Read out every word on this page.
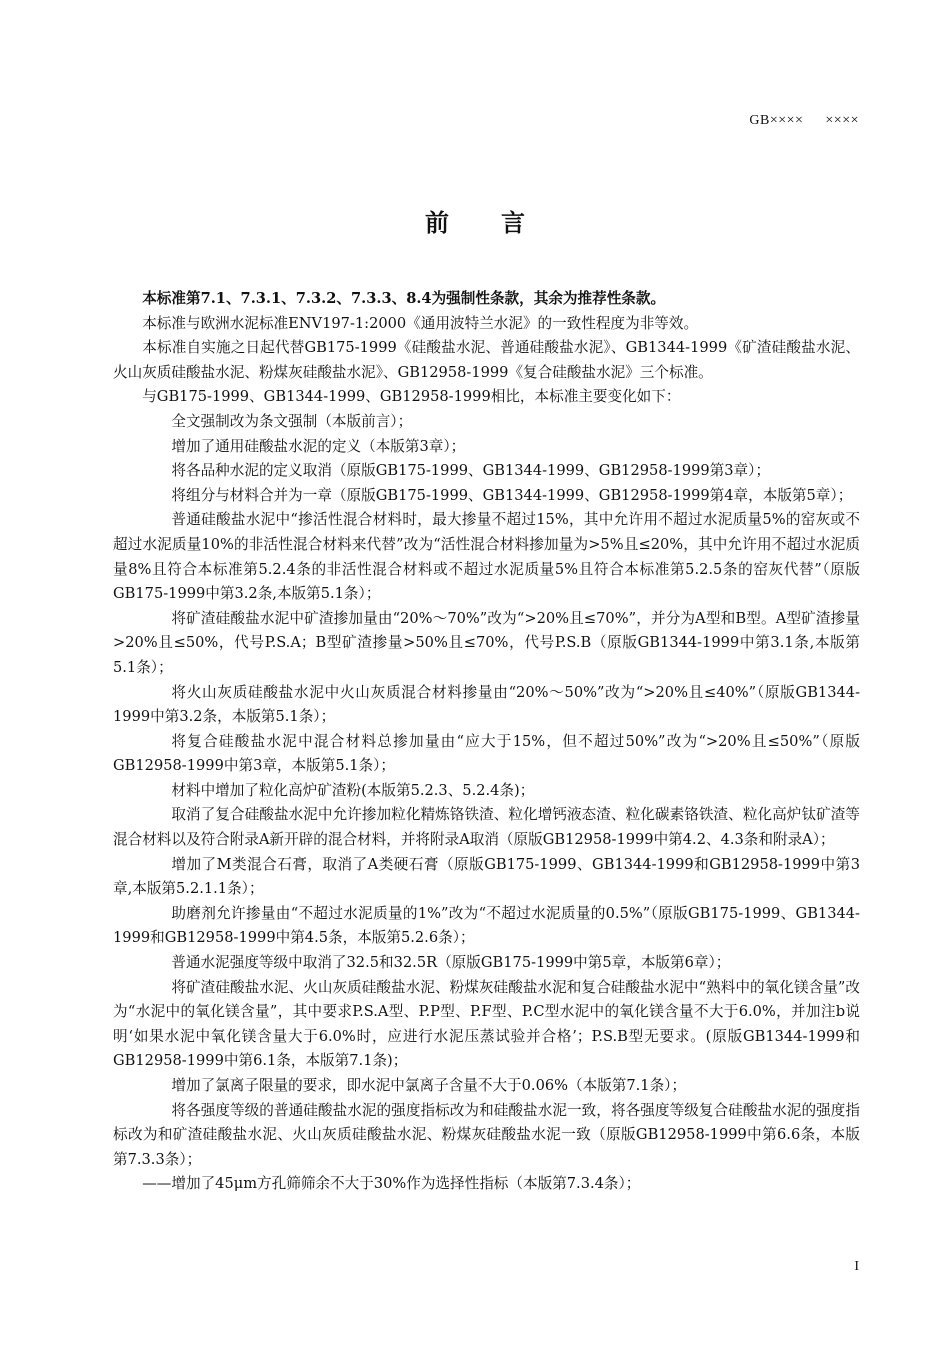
GB×××× ××××
前言

本标准第7.1、7.3.1、7.3.2、7.3.3、8.4为强制性条款，其余为推荐性条款。

本标准与欧洲水泥标准ENV197-1:2000《通用波特兰水泥》的一致性程度为非等效。

本标准自实施之日起代替GB175-1999《硅酸盐水泥、普通硅酸盐水泥》、GB1344-1999《矿渣硅酸盐水泥、火山灰质硅酸盐水泥、粉煤灰硅酸盐水泥》、GB12958-1999《复合硅酸盐水泥》三个标准。

与GB175-1999、GB1344-1999、GB12958-1999相比，本标准主要变化如下：

全文强制改为条文强制（本版前言）；

增加了通用硅酸盐水泥的定义（本版第3章）；

将各品种水泥的定义取消（原版GB175-1999、GB1344-1999、GB12958-1999第3章）；

将组分与材料合并为一章（原版GB175-1999、GB1344-1999、GB12958-1999第4章，本版第5章）；

普通硅酸盐水泥中“掺活性混合材料时，最大掺量不超过15%，其中允许用不超过水泥质量5%的窑灰或不超过水泥质量10%的非活性混合材料来代替”改为“活性混合材料掺加量为>5%且≤20%，其中允许用不超过水泥质量8%且符合本标准第5.2.4条的非活性混合材料或不超过水泥质量5%且符合本标准第5.2.5条的窑灰代替”（原版GB175-1999中第3.2条,本版第5.1条）；

将矿渣硅酸盐水泥中矿渣掺加量由“20%～70%”改为“>20%且≤70%”，并分为A型和B型。A型矿渣掺量>20%且≤50%，代号P.S.A；B型矿渣掺量>50%且≤70%，代号P.S.B（原版GB1344-1999中第3.1条,本版第5.1条）；

将火山灰质硅酸盐水泥中火山灰质混合材料掺量由“20%～50%”改为“>20%且≤40%”（原版GB1344-1999中第3.2条，本版第5.1条）；

将复合硅酸盐水泥中混合材料总掺加量由“应大于15%，但不超过50%”改为“>20%且≤50%”（原版GB12958-1999中第3章，本版第5.1条）；

材料中增加了粒化高炉矿渣粉(本版第5.2.3、5.2.4条)；

取消了复合硅酸盐水泥中允许掺加粒化精炼铬铁渣、粒化增钙液态渣、粒化碳素铬铁渣、粒化高炉钛矿渣等混合材料以及符合附录A新开辟的混合材料，并将附录A取消（原版GB12958-1999中第4.2、4.3条和附录A）；

增加了M类混合石膏，取消了A类硬石膏（原版GB175-1999、GB1344-1999和GB12958-1999中第3章,本版第5.2.1.1条）；

助磨剂允许掺量由“不超过水泥质量的1%”改为“不超过水泥质量的0.5%”（原版GB175-1999、GB1344-1999和GB12958-1999中第4.5条，本版第5.2.6条）；

普通水泥强度等级中取消了32.5和32.5R（原版GB175-1999中第5章，本版第6章）；

将矿渣硅酸盐水泥、火山灰质硅酸盐水泥、粉煤灰硅酸盐水泥和复合硅酸盐水泥中“熟料中的氧化镁含量”改为“水泥中的氧化镁含量”，其中要求P.S.A型、P.P型、P.F型、P.C型水泥中的氧化镁含量不大于6.0%，并加注b说明‘如果水泥中氧化镁含量大于6.0%时，应进行水泥压蒸试验并合格’；P.S.B型无要求。(原版GB1344-1999和GB12958-1999中第6.1条，本版第7.1条)；

增加了氯离子限量的要求，即水泥中氯离子含量不大于0.06%（本版第7.1条）；

将各强度等级的普通硅酸盐水泥的强度指标改为和硅酸盐水泥一致，将各强度等级复合硅酸盐水泥的强度指标改为和矿渣硅酸盐水泥、火山灰质硅酸盐水泥、粉煤灰硅酸盐水泥一致（原版GB12958-1999中第6.6条，本版第7.3.3条）；

——增加了45μm方孔筛筛余不大于30%作为选择性指标（本版第7.3.4条）；

I
